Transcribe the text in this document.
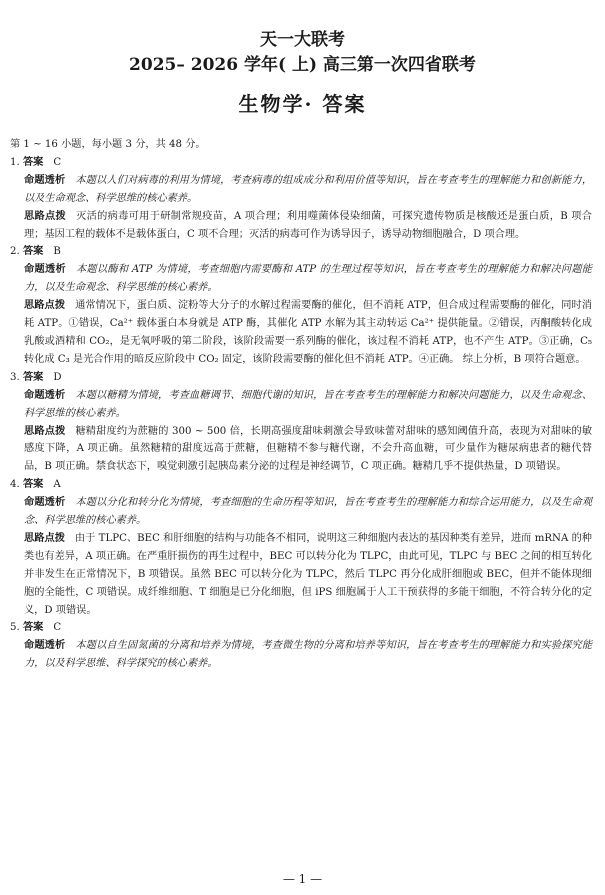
天一大联考
2025– 2026 学年( 上) 高三第一次四省联考
生物学· 答案

第 1 ~ 16 小题，每小题 3 分，共 48 分。

1. 答案 C

命题透析 本题以人们对病毒的利用为情境，考查病毒的组成成分和利用价值等知识，旨在考查考生的理解能力和创新能力，以及生命观念、科学思维的核心素养。

思路点拨 灭活的病毒可用于研制常规疫苗，A 项合理；利用噬菌体侵染细菌，可探究遗传物质是核酸还是蛋白质，B 项合理；基因工程的载体不是载体蛋白，C 项不合理；灭活的病毒可作为诱导因子，诱导动物细胞融合，D 项合理。

2. 答案 B

命题透析 本题以酶和 ATP 为情境，考查细胞内需要酶和 ATP 的生理过程等知识，旨在考查考生的理解能力和解决问题能力，以及生命观念、科学思维的核心素养。

思路点拨 通常情况下，蛋白质、淀粉等大分子的水解过程需要酶的催化，但不消耗 ATP，但合成过程需要酶的催化，同时消耗 ATP。①错误，Ca²⁺ 载体蛋白本身就是 ATP 酶，其催化 ATP 水解为其主动转运 Ca²⁺ 提供能量。②错误，丙酮酸转化成乳酸或酒精和 CO₂，是无氧呼吸的第二阶段，该阶段需要一系列酶的催化，该过程不消耗 ATP，也不产生 ATP。③正确，C₅ 转化成 C₃ 是光合作用的暗反应阶段中 CO₂ 固定，该阶段需要酶的催化但不消耗 ATP。④正确。 综上分析，B 项符合题意。

3. 答案 D

命题透析 本题以糖精为情境，考查血糖调节、细胞代谢的知识，旨在考查考生的理解能力和解决问题能力，以及生命观念、科学思维的核心素养。

思路点拨 糖精甜度约为蔗糖的 300 ~ 500 倍，长期高强度甜味刺激会导致味蕾对甜味的感知阈值升高，表现为对甜味的敏感度下降，A 项正确。虽然糖精的甜度远高于蔗糖，但糖精不参与糖代谢，不会升高血糖，可少量作为糖尿病患者的糖代替品，B 项正确。禁食状态下，嗅觉刺激引起胰岛素分泌的过程是神经调节，C 项正确。糖精几乎不提供热量，D 项错误。

4. 答案 A

命题透析 本题以分化和转分化为情境，考查细胞的生命历程等知识，旨在考查考生的理解能力和综合运用能力，以及生命观念、科学思维的核心素养。

思路点拨 由于 TLPC、BEC 和肝细胞的结构与功能各不相同，说明这三种细胞内表达的基因种类有差异，进而 mRNA 的种类也有差异，A 项正确。在严重肝损伤的再生过程中，BEC 可以转分化为 TLPC，由此可见，TLPC 与 BEC 之间的相互转化并非发生在正常情况下，B 项错误。虽然 BEC 可以转分化为 TLPC，然后 TLPC 再分化成肝细胞或 BEC，但并不能体现细胞的全能性，C 项错误。成纤维细胞、T 细胞是已分化细胞，但 iPS 细胞属于人工干预获得的多能干细胞，不符合转分化的定义，D 项错误。

5. 答案 C

命题透析 本题以自生固氮菌的分离和培养为情境，考查微生物的分离和培养等知识，旨在考查考生的理解能力和实验探究能力，以及科学思维、科学探究的核心素养。

— 1 —
